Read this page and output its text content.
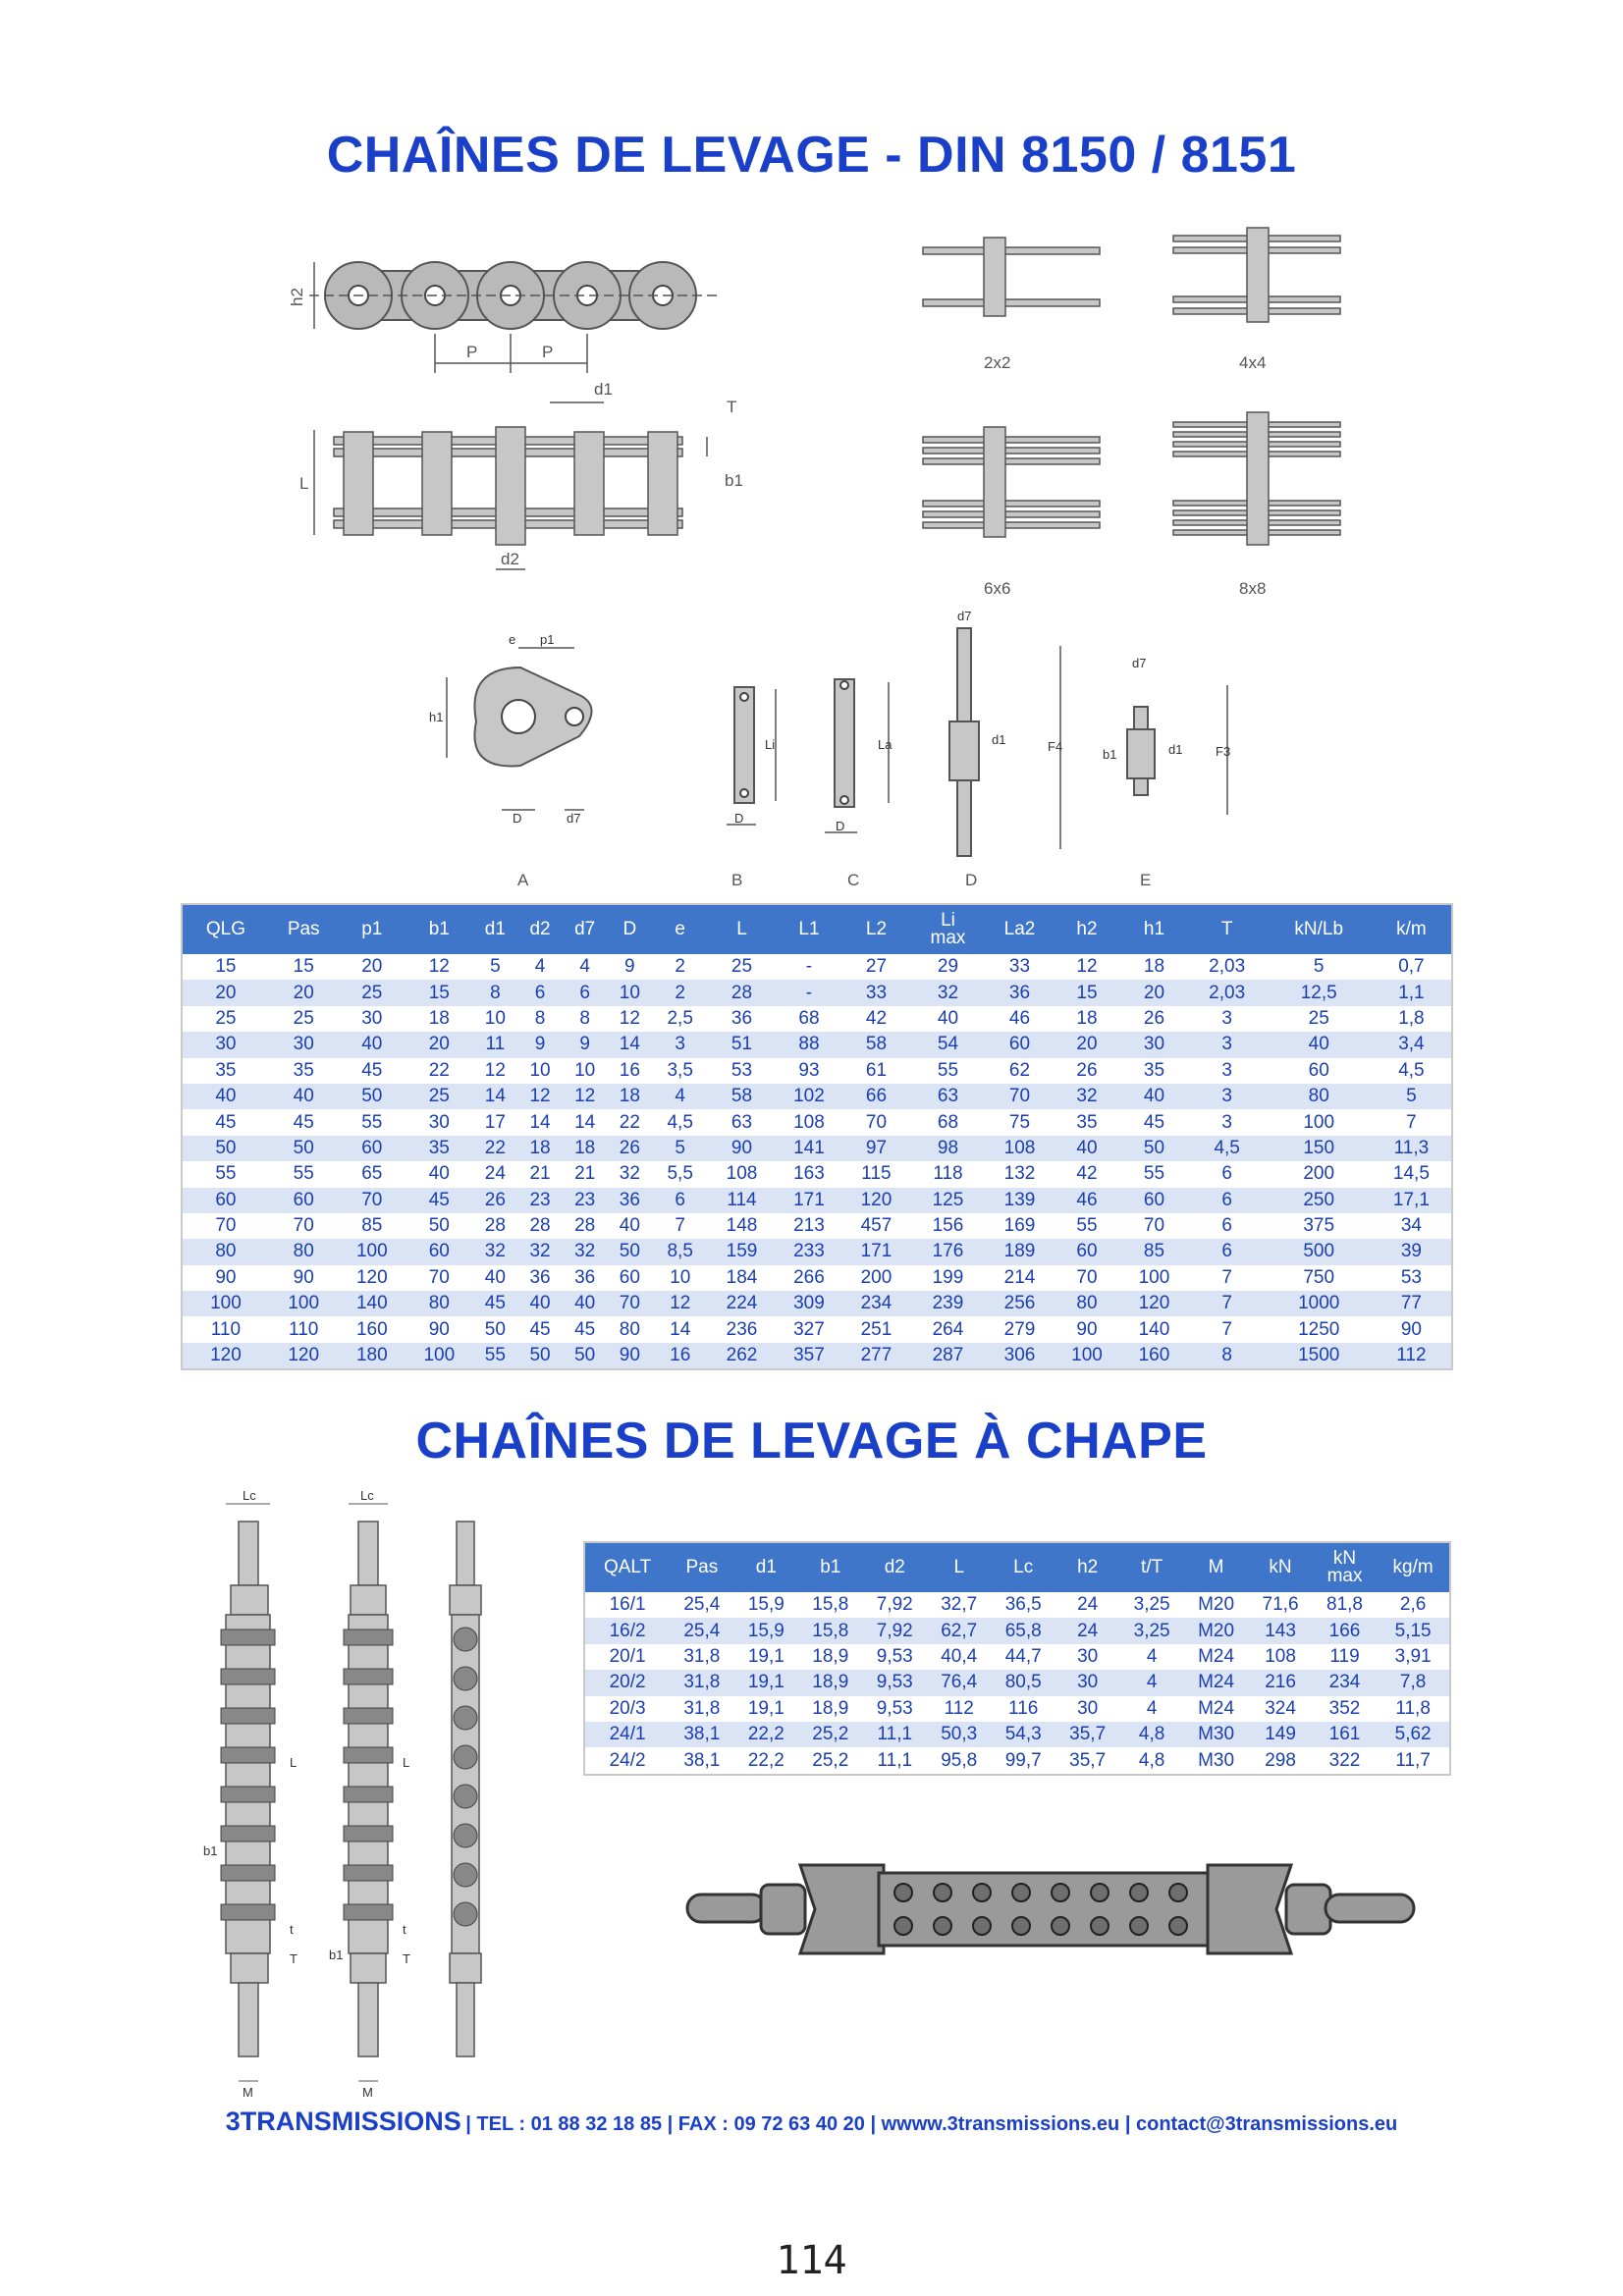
CHAÎNES DE LEVAGE - DIN 8150 / 8151
h2
P	P
L
T
b1
d1
d2
2x2	4x4
6x6	8x8
e p1
h1
D	d7
Li	La	F4	F3
d7
d7
d1
d1
b1
D
D
A	B	C	D	E
QLG	Pas	p1	b1	d1	d2	d7	D	e	L	L1	L2	Li
max	La2	h2	h1	T	kN/Lb	k/m
15	15	20	12	5	4	4	9	2	25	-	27	29	33	12	18	2,03	5	0,7
20	20	25	15	8	6	6	10	2	28	-	33	32	36	15	20	2,03	12,5	1,1
25	25	30	18	10	8	8	12	2,5	36	68	42	40	46	18	26	3	25	1,8
30	30	40	20	11	9	9	14	3	51	88	58	54	60	20	30	3	40	3,4
35	35	45	22	12	10	10	16	3,5	53	93	61	55	62	26	35	3	60	4,5
40	40	50	25	14	12	12	18	4	58	102	66	63	70	32	40	3	80	5
45	45	55	30	17	14	14	22	4,5	63	108	70	68	75	35	45	3	100	7
50	50	60	35	22	18	18	26	5	90	141	97	98	108	40	50	4,5	150	11,3
55	55	65	40	24	21	21	32	5,5	108	163	115	118	132	42	55	6	200	14,5
60	60	70	45	26	23	23	36	6	114	171	120	125	139	46	60	6	250	17,1
70	70	85	50	28	28	28	40	7	148	213	457	156	169	55	70	6	375	34
80	80	100	60	32	32	32	50	8,5	159	233	171	176	189	60	85	6	500	39
90	90	120	70	40	36	36	60	10	184	266	200	199	214	70	100	7	750	53
100	100	140	80	45	40	40	70	12	224	309	234	239	256	80	120	7	1000	77
110	110	160	90	50	45	45	80	14	236	327	251	264	279	90	140	7	1250	90
120	120	180	100	55	50	50	90	16	262	357	277	287	306	100	160	8	1500	112
CHAÎNES DE LEVAGE À CHAPE
Lc	Lc
L	L
t	t
T	T
b1
b1
M	M
QALT	Pas	d1	b1	d2	L	Lc	h2	t/T	M	kN	kN
max	kg/m
16/1	25,4	15,9	15,8	7,92	32,7	36,5	24	3,25	M20	71,6	81,8	2,6
16/2	25,4	15,9	15,8	7,92	62,7	65,8	24	3,25	M20	143	166	5,15
20/1	31,8	19,1	18,9	9,53	40,4	44,7	30	4	M24	108	119	3,91
20/2	31,8	19,1	18,9	9,53	76,4	80,5	30	4	M24	216	234	7,8
20/3	31,8	19,1	18,9	9,53	112	116	30	4	M24	324	352	11,8
24/1	38,1	22,2	25,2	11,1	50,3	54,3	35,7	4,8	M30	149	161	5,62
24/2	38,1	22,2	25,2	11,1	95,8	99,7	35,7	4,8	M30	298	322	11,7
3TRANSMISSIONS | TEL : 01 88 32 18 85 | FAX : 09 72 63 40 20 | wwww.3transmissions.eu | contact@3transmissions.eu
114
